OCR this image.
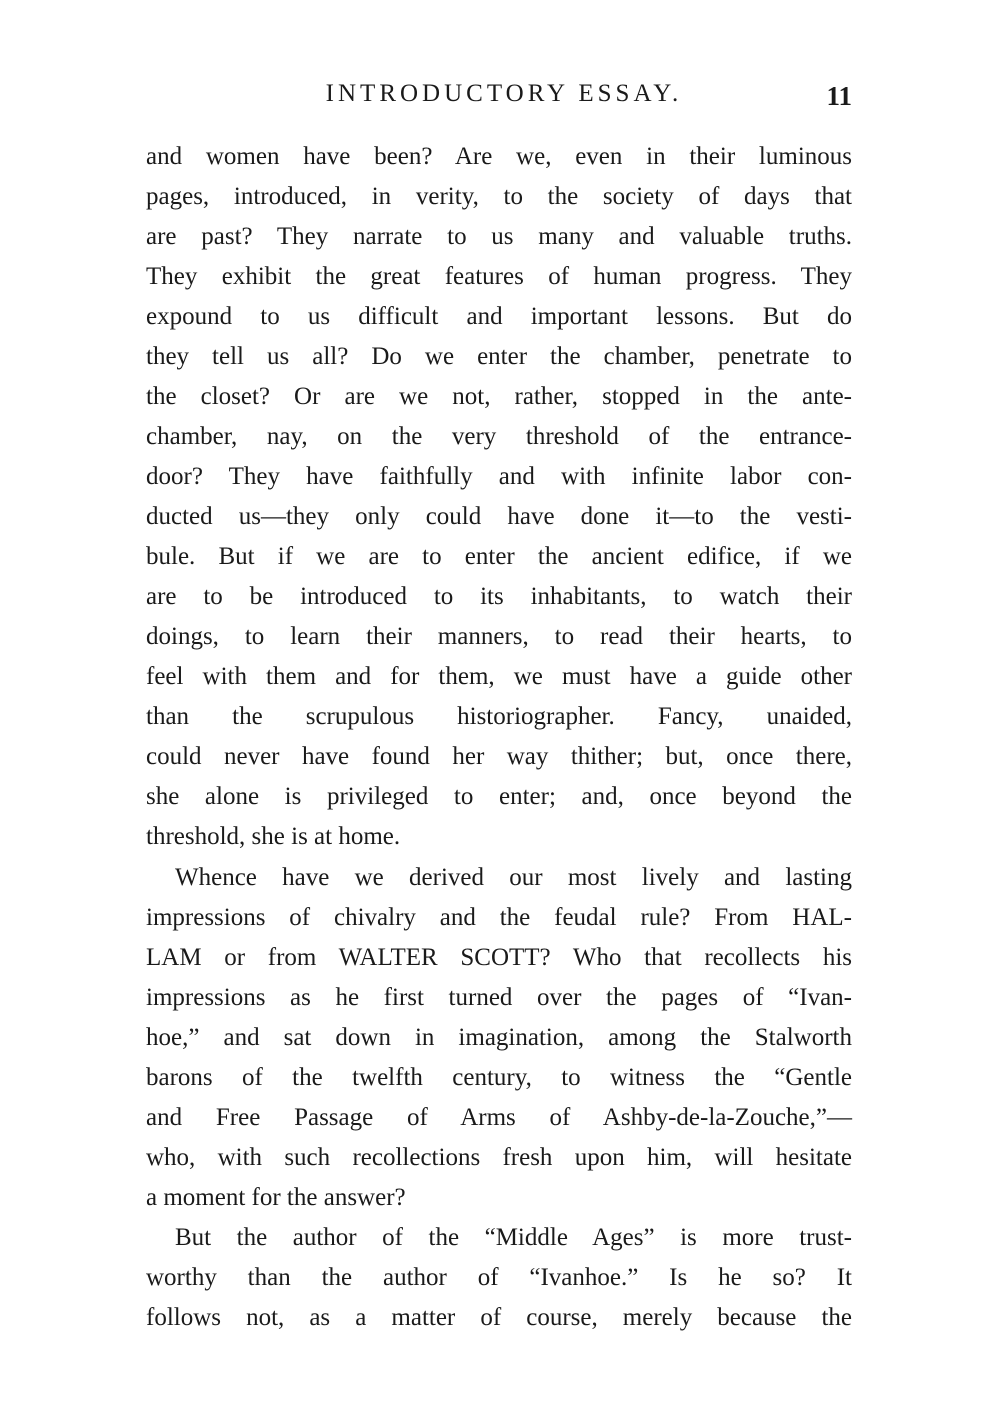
INTRODUCTORY ESSAY.	11
and women have been? Are we, even in their luminous
pages, introduced, in verity, to the society of days that
are past? They narrate to us many and valuable truths.
They exhibit the great features of human progress. They
expound to us difficult and important lessons. But do
they tell us all? Do we enter the chamber, penetrate to
the closet? Or are we not, rather, stopped in the ante-
chamber, nay, on the very threshold of the entrance-
door? They have faithfully and with infinite labor con-
ducted us—they only could have done it—to the vesti-
bule. But if we are to enter the ancient edifice, if we
are to be introduced to its inhabitants, to watch their
doings, to learn their manners, to read their hearts, to
feel with them and for them, we must have a guide other
than the scrupulous historiographer. Fancy, unaided,
could never have found her way thither; but, once there,
she alone is privileged to enter; and, once beyond the
threshold, she is at home.
Whence have we derived our most lively and lasting
impressions of chivalry and the feudal rule? From HAL-
LAM or from WALTER SCOTT? Who that recollects his
impressions as he first turned over the pages of “Ivan-
hoe,” and sat down in imagination, among the Stalworth
barons of the twelfth century, to witness the “Gentle
and Free Passage of Arms of Ashby-de-la-Zouche,”—
who, with such recollections fresh upon him, will hesitate
a moment for the answer?
But the author of the “Middle Ages” is more trust-
worthy than the author of “Ivanhoe.” Is he so? It
follows not, as a matter of course, merely because the
